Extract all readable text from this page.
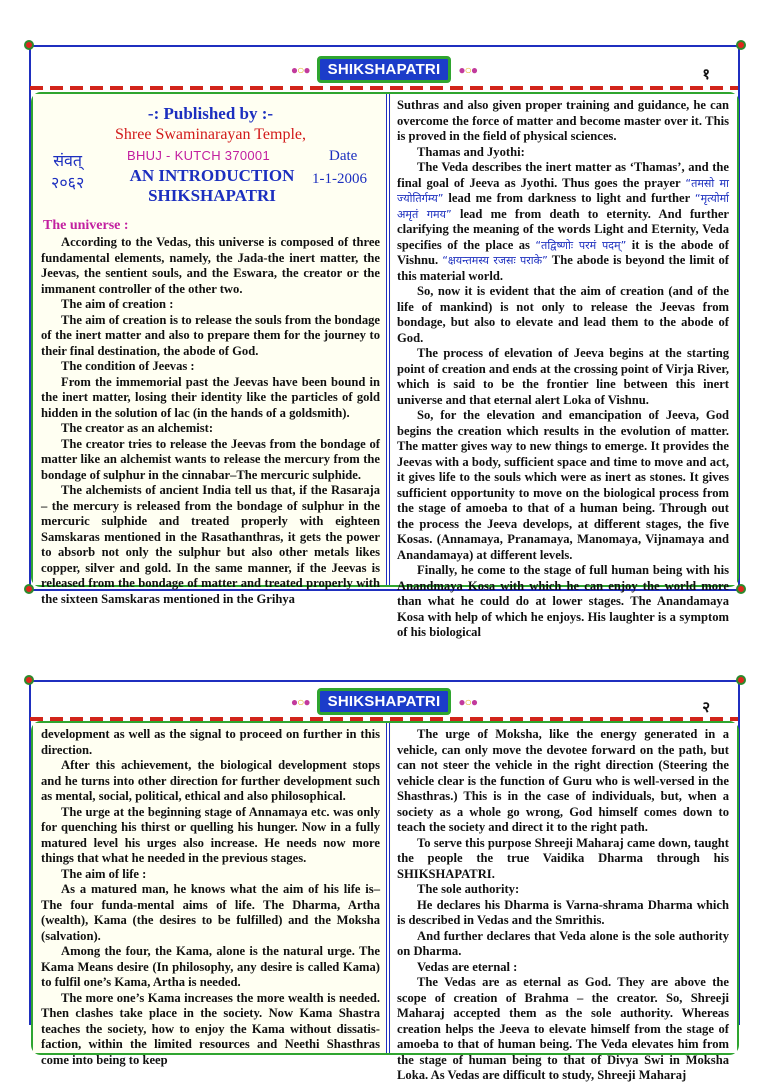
●○● SHIKSHAPATRI ●○●	१
-: Published by :-
Shree Swaminarayan Temple,
संवत्
२०६२
BHUJ - KUTCH 370001
AN INTRODUCTION
SHIKSHAPATRI
Date
1-1-2006
The universe :

According to the Vedas, this universe is composed of three fundamental elements, namely, the Jada-the inert matter, the Jeevas, the sentient souls, and the Eswara, the creator or the immanent controller of the other two.

The aim of creation :

The aim of creation is to release the souls from the bondage of the inert matter and also to prepare them for the journey to their final destination, the abode of God.

The condition of Jeevas :

From the immemorial past the Jeevas have been bound in the inert matter, losing their identity like the particles of gold hidden in the solution of lac (in the hands of a goldsmith).

The creator as an alchemist:

The creator tries to release the Jeevas from the bondage of matter like an alchemist wants to release the mercury from the bondage of sulphur in the cinnabar–The mercuric sulphide.

The alchemists of ancient India tell us that, if the Rasaraja – the mercury is released from the bondage of sulphur in the mercuric sulphide and treated properly with eighteen Samskaras mentioned in the Rasathanthras, it gets the power to absorb not only the sulphur but also other metals likes copper, silver and gold. In the same manner, if the Jeevas is released from the bondage of matter and treated properly with the sixteen Samskaras mentioned in the Grihya

Suthras and also given proper training and guidance, he can overcome the force of matter and become master over it. This is proved in the field of physical sciences.

Thamas and Jyothi:

The Veda describes the inert matter as ‘Thamas’, and the final goal of Jeeva as Jyothi. Thus goes the prayer “तमसो मा ज्योतिर्गम्य” lead me from darkness to light and further “मृत्योर्मा अमृतं गमय” lead me from death to eternity. And further clarifying the meaning of the words Light and Eternity, Veda specifies of the place as “तद्विष्णोः परमं पदम्” it is the abode of Vishnu. “क्षयन्तमस्य रजसः पराके” The abode is beyond the limit of this material world.

So, now it is evident that the aim of creation (and of the life of mankind) is not only to release the Jeevas from bondage, but also to elevate and lead them to the abode of God.

The process of elevation of Jeeva begins at the starting point of creation and ends at the crossing point of Virja River, which is said to be the frontier line between this inert universe and that eternal alert Loka of Vishnu.

So, for the elevation and emancipation of Jeeva, God begins the creation which results in the evolution of matter. The matter gives way to new things to emerge. It provides the Jeevas with a body, sufficient space and time to move and act, it gives life to the souls which were as inert as stones. It gives sufficient opportunity to move on the biological process from the stage of amoeba to that of a human being. Through out the process the Jeeva develops, at different stages, the five Kosas. (Annamaya, Pranamaya, Manomaya, Vijnamaya and Anandamaya) at different levels.

Finally, he come to the stage of full human being with his Anandmaya Kosa with which he can enjoy the world more than what he could do at lower stages. The Anandamaya Kosa with help of which he enjoys. His laughter is a symptom of his biological

●○● SHIKSHAPATRI ●○●	२

development as well as the signal to proceed on further in this direction.

After this achievement, the biological development stops and he turns into other direction for further development such as mental, social, political, ethical and also philosophical.

The urge at the beginning stage of Annamaya etc. was only for quenching his thirst or quelling his hunger. Now in a fully matured level his urges also increase. He needs now more things that what he needed in the previous stages.

The aim of life :

As a matured man, he knows what the aim of his life is–The four funda-mental aims of life. The Dharma, Artha (wealth), Kama (the desires to be fulfilled) and the Moksha (salvation).

Among the four, the Kama, alone is the natural urge. The Kama Means desire (In philosophy, any desire is called Kama) to fulfil one’s Kama, Artha is needed.

The more one’s Kama increases the more wealth is needed. Then clashes take place in the society. Now Kama Shastra teaches the society, how to enjoy the Kama without dissatis-faction, within the limited resources and Neethi Shasthras come into being to keep

The urge of Moksha, like the energy generated in a vehicle, can only move the devotee forward on the path, but can not steer the vehicle in the right direction (Steering the vehicle clear is the function of Guru who is well-versed in the Shasthras.) This is in the case of individuals, but, when a society as a whole go wrong, God himself comes down to teach the society and direct it to the right path.

To serve this purpose Shreeji Maharaj came down, taught the people the true Vaidika Dharma through his SHIKSHAPATRI.

The sole authority:

He declares his Dharma is Varna-shrama Dharma which is described in Vedas and the Smrithis.

And further declares that Veda alone is the sole authority on Dharma.

Vedas are eternal :

The Vedas are as eternal as God. They are above the scope of creation of Brahma – the creator. So, Shreeji Maharaj accepted them as the sole authority. Whereas creation helps the Jeeva to elevate himself from the stage of amoeba to that of human being. The Veda elevates him from the stage of human being to that of Divya Swi in Moksha Loka. As Vedas are difficult to study, Shreeji Maharaj
